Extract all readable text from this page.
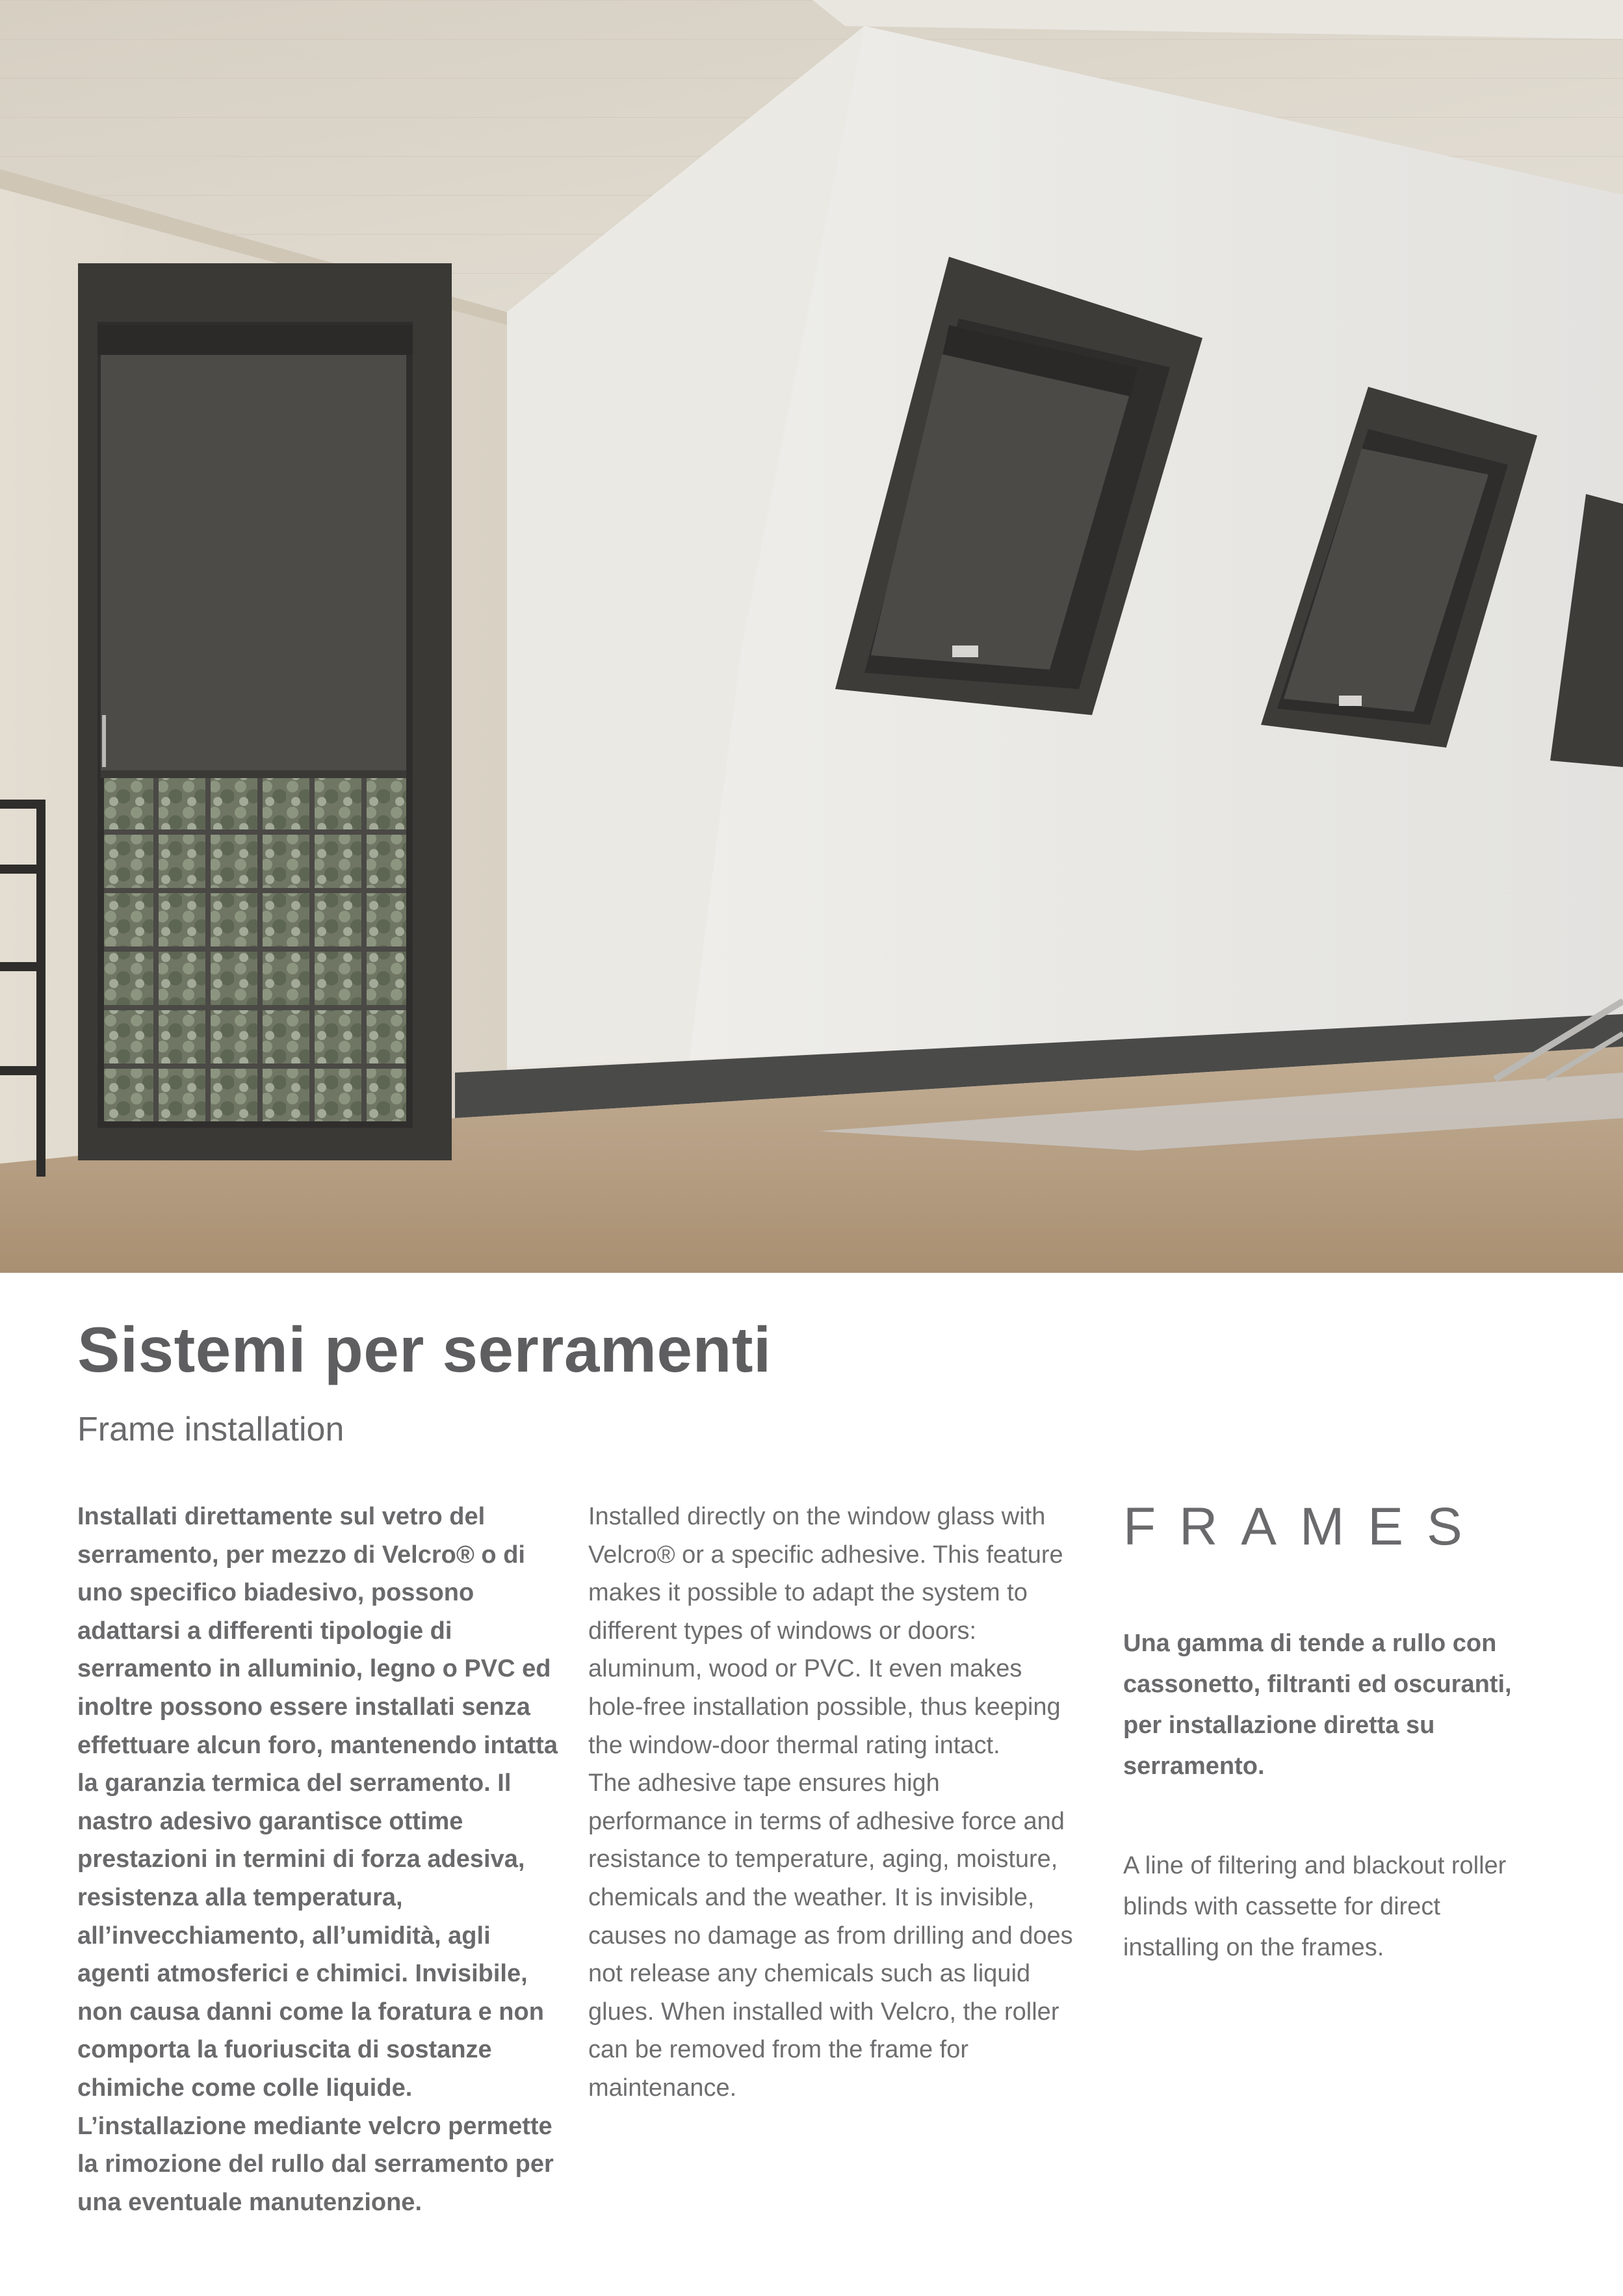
Sistemi per serramenti
Frame installation

Installati direttamente sul vetro del serramento, per mezzo di Velcro® o di uno specifico biadesivo, possono adattarsi a differenti tipologie di serramento in alluminio, legno o PVC ed inoltre possono essere installati senza effettuare alcun foro, mantenendo intatta la garanzia termica del serramento. Il nastro adesivo garantisce ottime prestazioni in termini di forza adesiva, resistenza alla temperatura, all’invecchiamento, all’umidità, agli agenti atmosferici e chimici. Invisibile, non causa danni come la foratura e non comporta la fuoriuscita di sostanze chimiche come colle liquide. L’installazione mediante velcro permette la rimozione del rullo dal serramento per una eventuale manutenzione.

Installed directly on the window glass with Velcro® or a specific adhesive. This feature makes it possible to adapt the system to different types of windows or doors: aluminum, wood or PVC. It even makes hole-free installation possible, thus keeping the window-door thermal rating intact.

The adhesive tape ensures high performance in terms of adhesive force and resistance to temperature, aging, moisture, chemicals and the weather. It is invisible, causes no damage as from drilling and does not release any chemicals such as liquid glues. When installed with Velcro, the roller can be removed from the frame for maintenance.

FRAMES

Una gamma di tende a rullo con cassonetto, filtranti ed oscuranti, per installazione diretta su serramento.

A line of filtering and blackout roller blinds with cassette for direct installing on the frames.
